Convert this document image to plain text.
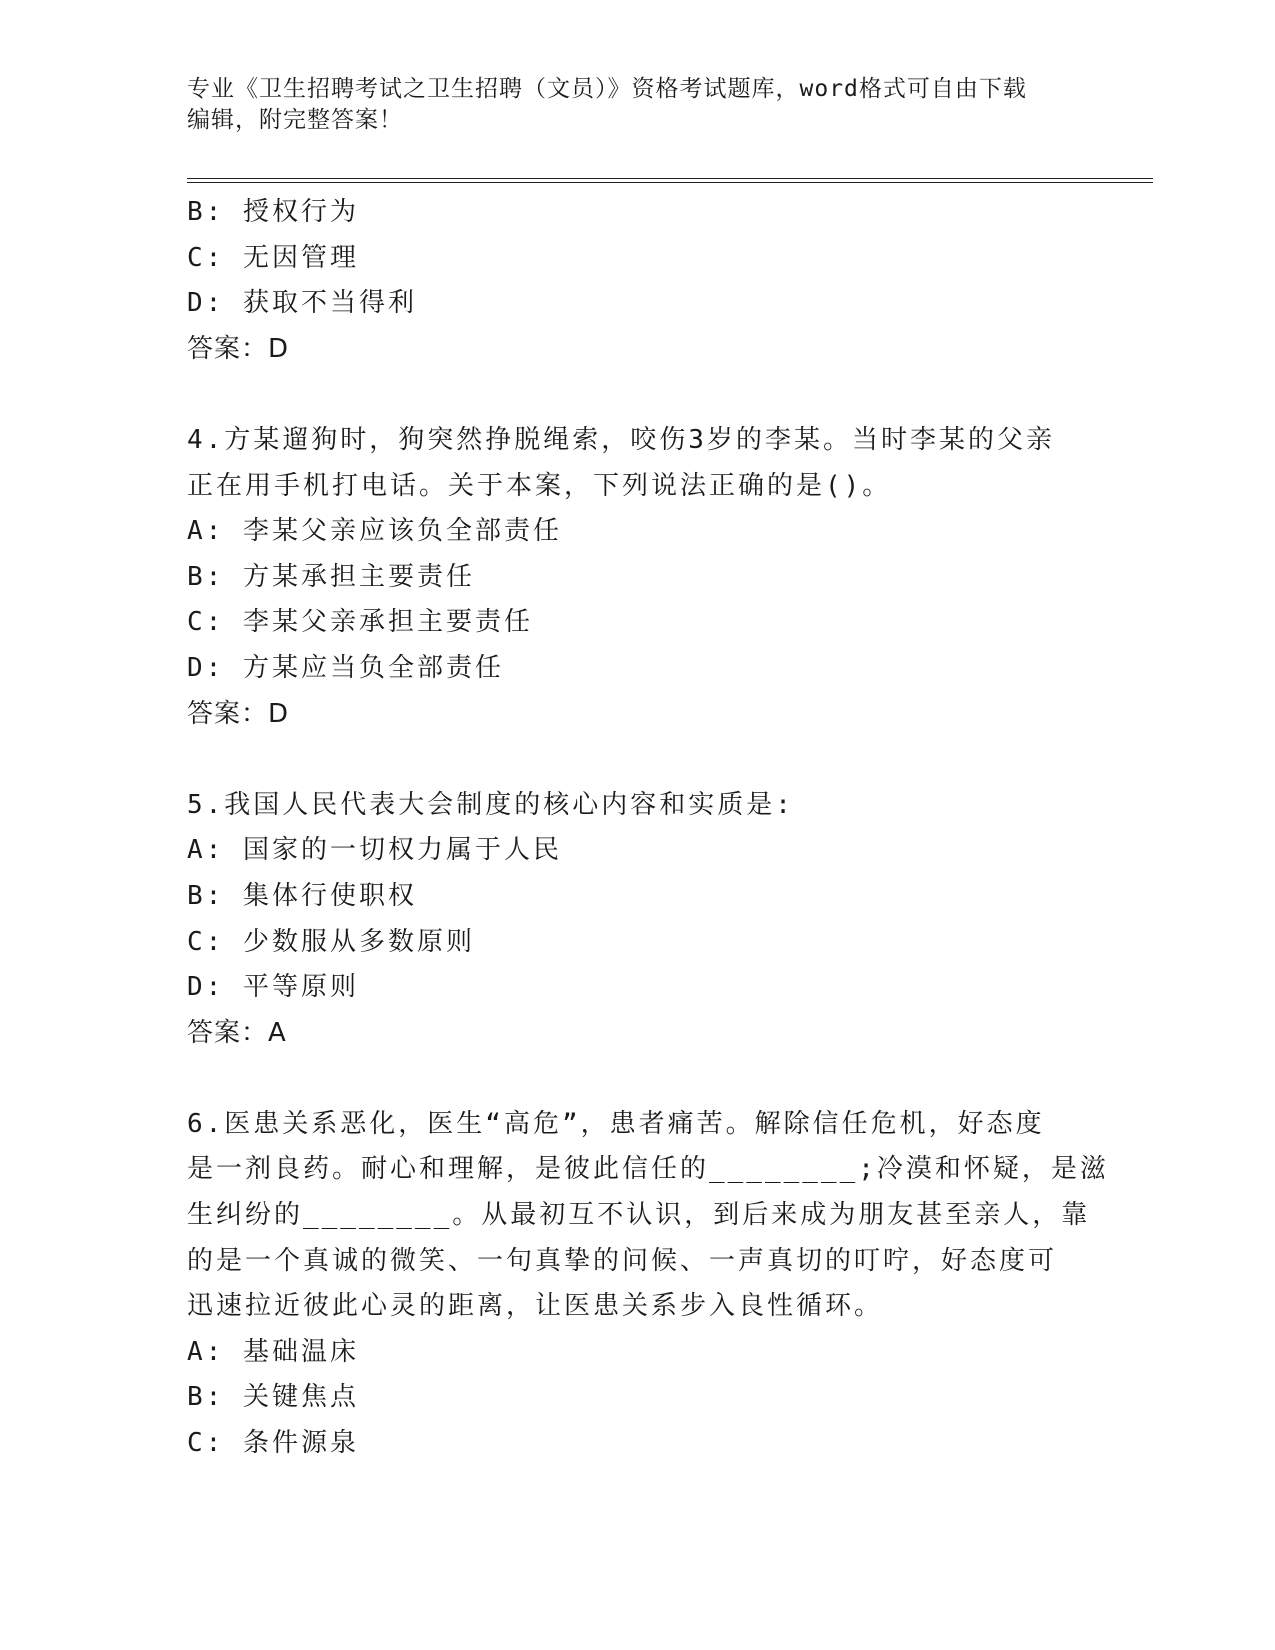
专业《卫生招聘考试之卫生招聘（文员）》资格考试题库，word格式可自由下载
编辑，附完整答案！
B: 授权行为
C: 无因管理
D: 获取不当得利
答案：D
4.方某遛狗时，狗突然挣脱绳索，咬伤3岁的李某。当时李某的父亲
正在用手机打电话。关于本案，下列说法正确的是()。
A: 李某父亲应该负全部责任
B: 方某承担主要责任
C: 李某父亲承担主要责任
D: 方某应当负全部责任
答案：D
5.我国人民代表大会制度的核心内容和实质是:
A: 国家的一切权力属于人民
B: 集体行使职权
C: 少数服从多数原则
D: 平等原则
答案：A
6.医患关系恶化，医生“高危”，患者痛苦。解除信任危机，好态度
是一剂良药。耐心和理解，是彼此信任的________;冷漠和怀疑，是滋
生纠纷的________。从最初互不认识，到后来成为朋友甚至亲人，靠
的是一个真诚的微笑、一句真挚的问候、一声真切的叮咛，好态度可
迅速拉近彼此心灵的距离，让医患关系步入良性循环。
A: 基础温床
B: 关键焦点
C: 条件源泉
